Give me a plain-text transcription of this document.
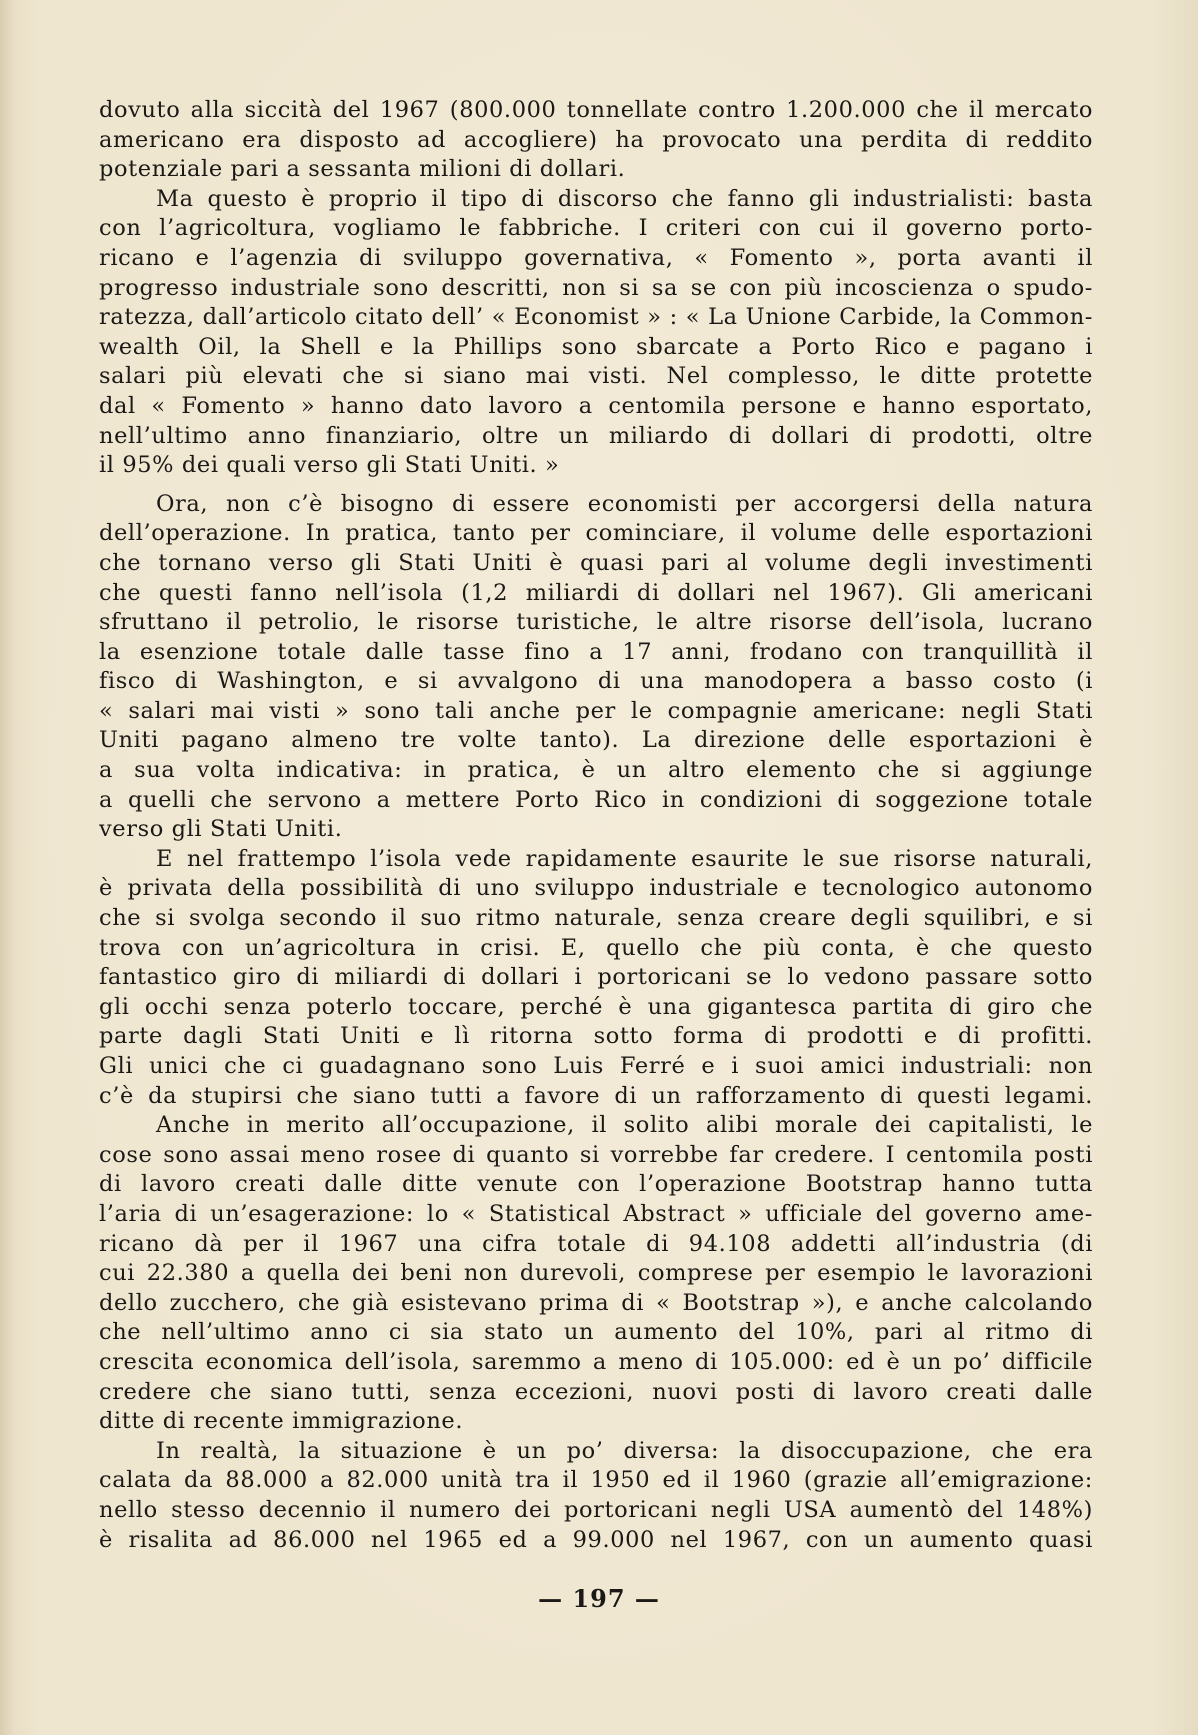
dovuto alla siccità del 1967 (800.000 tonnellate contro 1.200.000 che il mercato
americano era disposto ad accogliere) ha provocato una perdita di reddito
potenziale pari a sessanta milioni di dollari.
Ma questo è proprio il tipo di discorso che fanno gli industrialisti: basta
con l’agricoltura, vogliamo le fabbriche. I criteri con cui il governo porto-
ricano e l’agenzia di sviluppo governativa, « Fomento », porta avanti il
progresso industriale sono descritti, non si sa se con più incoscienza o spudo-
ratezza, dall’articolo citato dell’ « Economist » : « La Unione Carbide, la Common-
wealth Oil, la Shell e la Phillips sono sbarcate a Porto Rico e pagano i
salari più elevati che si siano mai visti. Nel complesso, le ditte protette
dal « Fomento » hanno dato lavoro a centomila persone e hanno esportato,
nell’ultimo anno finanziario, oltre un miliardo di dollari di prodotti, oltre
il 95% dei quali verso gli Stati Uniti. »
Ora, non c’è bisogno di essere economisti per accorgersi della natura
dell’operazione. In pratica, tanto per cominciare, il volume delle esportazioni
che tornano verso gli Stati Uniti è quasi pari al volume degli investimenti
che questi fanno nell’isola (1,2 miliardi di dollari nel 1967). Gli americani
sfruttano il petrolio, le risorse turistiche, le altre risorse dell’isola, lucrano
la esenzione totale dalle tasse fino a 17 anni, frodano con tranquillità il
fisco di Washington, e si avvalgono di una manodopera a basso costo (i
« salari mai visti » sono tali anche per le compagnie americane: negli Stati
Uniti pagano almeno tre volte tanto). La direzione delle esportazioni è
a sua volta indicativa: in pratica, è un altro elemento che si aggiunge
a quelli che servono a mettere Porto Rico in condizioni di soggezione totale
verso gli Stati Uniti.
E nel frattempo l’isola vede rapidamente esaurite le sue risorse naturali,
è privata della possibilità di uno sviluppo industriale e tecnologico autonomo
che si svolga secondo il suo ritmo naturale, senza creare degli squilibri, e si
trova con un’agricoltura in crisi. E, quello che più conta, è che questo
fantastico giro di miliardi di dollari i portoricani se lo vedono passare sotto
gli occhi senza poterlo toccare, perché è una gigantesca partita di giro che
parte dagli Stati Uniti e lì ritorna sotto forma di prodotti e di profitti.
Gli unici che ci guadagnano sono Luis Ferré e i suoi amici industriali: non
c’è da stupirsi che siano tutti a favore di un rafforzamento di questi legami.
Anche in merito all’occupazione, il solito alibi morale dei capitalisti, le
cose sono assai meno rosee di quanto si vorrebbe far credere. I centomila posti
di lavoro creati dalle ditte venute con l’operazione Bootstrap hanno tutta
l’aria di un’esagerazione: lo « Statistical Abstract » ufficiale del governo ame-
ricano dà per il 1967 una cifra totale di 94.108 addetti all’industria (di
cui 22.380 a quella dei beni non durevoli, comprese per esempio le lavorazioni
dello zucchero, che già esistevano prima di « Bootstrap »), e anche calcolando
che nell’ultimo anno ci sia stato un aumento del 10%, pari al ritmo di
crescita economica dell’isola, saremmo a meno di 105.000: ed è un po’ difficile
credere che siano tutti, senza eccezioni, nuovi posti di lavoro creati dalle
ditte di recente immigrazione.
In realtà, la situazione è un po’ diversa: la disoccupazione, che era
calata da 88.000 a 82.000 unità tra il 1950 ed il 1960 (grazie all’emigrazione:
nello stesso decennio il numero dei portoricani negli USA aumentò del 148%)
è risalita ad 86.000 nel 1965 ed a 99.000 nel 1967, con un aumento quasi
— 197 —
